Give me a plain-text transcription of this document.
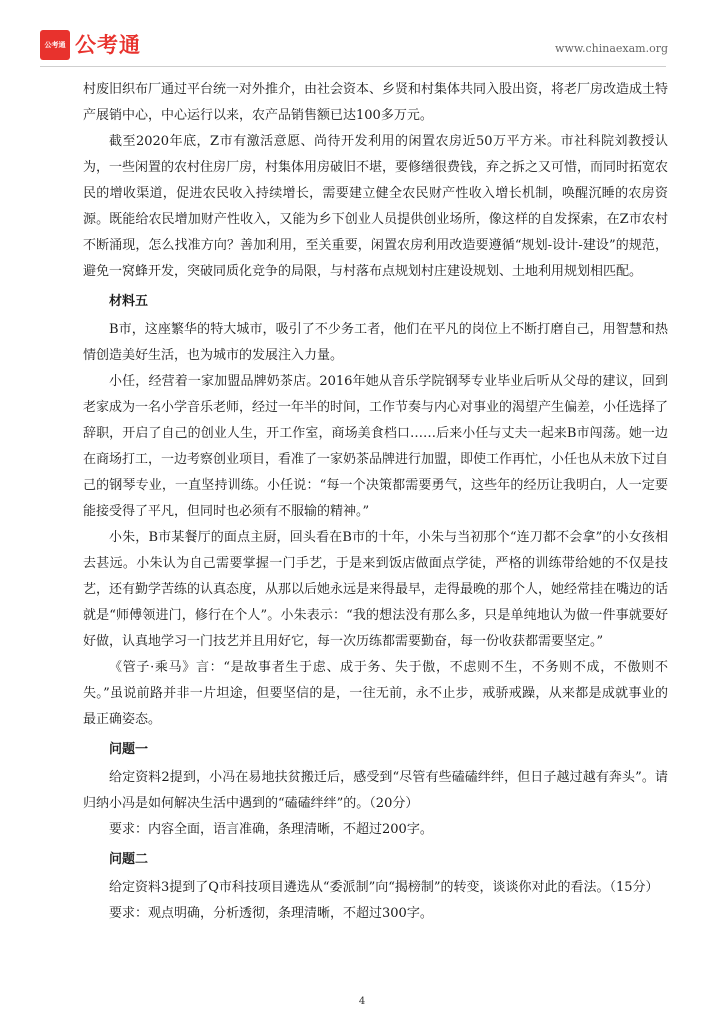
公考通 公考通	www.chinaexam.org

村废旧织布厂通过平台统一对外推介，由社会资本、乡贤和村集体共同入股出资，将老厂房改造成土特产展销中心，中心运行以来，农产品销售额已达100多万元。

截至2020年底，Z市有激活意愿、尚待开发利用的闲置农房近50万平方米。市社科院刘教授认为，一些闲置的农村住房厂房，村集体用房破旧不堪，要修缮很费钱，弃之拆之又可惜，而同时拓宽农民的增收渠道，促进农民收入持续增长，需要建立健全农民财产性收入增长机制，唤醒沉睡的农房资源。既能给农民增加财产性收入，又能为乡下创业人员提供创业场所，像这样的自发探索，在Z市农村不断涌现，怎么找准方向？善加利用，至关重要，闲置农房利用改造要遵循“规划-设计-建设”的规范，避免一窝蜂开发，突破同质化竞争的局限，与村落布点规划村庄建设规划、土地利用规划相匹配。

材料五

B市，这座繁华的特大城市，吸引了不少务工者，他们在平凡的岗位上不断打磨自己，用智慧和热情创造美好生活，也为城市的发展注入力量。

小任，经营着一家加盟品牌奶茶店。2016年她从音乐学院钢琴专业毕业后听从父母的建议，回到老家成为一名小学音乐老师，经过一年半的时间，工作节奏与内心对事业的渴望产生偏差，小任选择了辞职，开启了自己的创业人生，开工作室，商场美食档口……后来小任与丈夫一起来B市闯荡。她一边在商场打工，一边考察创业项目，看准了一家奶茶品牌进行加盟，即使工作再忙，小任也从未放下过自己的钢琴专业，一直坚持训练。小任说：“每一个决策都需要勇气，这些年的经历让我明白，人一定要能接受得了平凡，但同时也必须有不服输的精神。”

小朱，B市某餐厅的面点主厨，回头看在B市的十年，小朱与当初那个“连刀都不会拿”的小女孩相去甚远。小朱认为自己需要掌握一门手艺，于是来到饭店做面点学徒，严格的训练带给她的不仅是技艺，还有勤学苦练的认真态度，从那以后她永远是来得最早，走得最晚的那个人，她经常挂在嘴边的话就是“师傅领进门，修行在个人”。小朱表示：“我的想法没有那么多，只是单纯地认为做一件事就要好好做，认真地学习一门技艺并且用好它，每一次历练都需要勤奋，每一份收获都需要坚定。”

《管子·乘马》言：“是故事者生于虑、成于务、失于傲，不虑则不生，不务则不成，不傲则不失。”虽说前路并非一片坦途，但要坚信的是，一往无前，永不止步，戒骄戒躁，从来都是成就事业的最正确姿态。

问题一

给定资料2提到，小冯在易地扶贫搬迁后，感受到“尽管有些磕磕绊绊，但日子越过越有奔头”。请归纳小冯是如何解决生活中遇到的“磕磕绊绊”的。（20分）

要求：内容全面，语言准确，条理清晰，不超过200字。

问题二

给定资料3提到了Q市科技项目遴选从“委派制”向“揭榜制”的转变，谈谈你对此的看法。（15分）

要求：观点明确，分析透彻，条理清晰，不超过300字。

4
